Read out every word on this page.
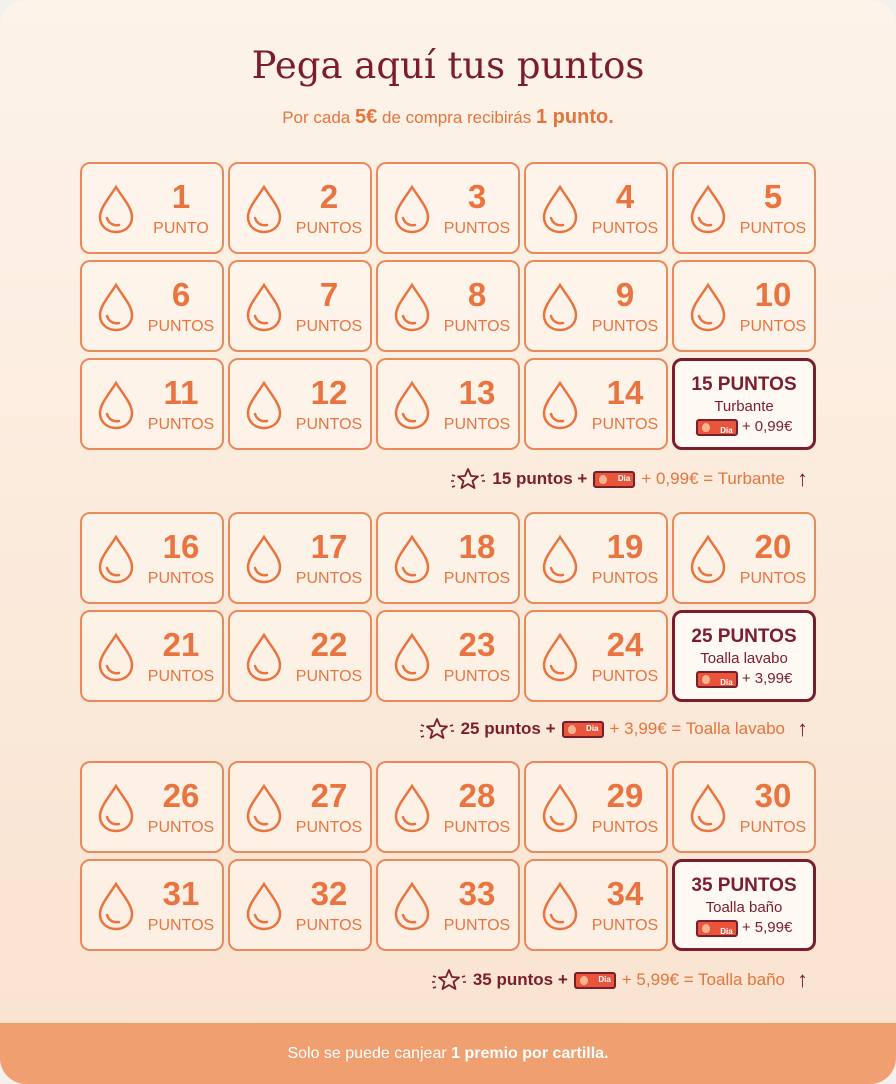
Pega aquí tus puntos
Por cada 5€ de compra recibirás 1 punto.
1
PUNTO
2
PUNTOS
3
PUNTOS
4
PUNTOS
5
PUNTOS
6
PUNTOS
7
PUNTOS
8
PUNTOS
9
PUNTOS
10
PUNTOS
11
PUNTOS
12
PUNTOS
13
PUNTOS
14
PUNTOS
15 PUNTOS
Turbante
Dia + 0,99€
15 puntos +	Dia + 0,99€ = Turbante ↑
16
PUNTOS
17
PUNTOS
18
PUNTOS
19
PUNTOS
20
PUNTOS
21
PUNTOS
22
PUNTOS
23
PUNTOS
24
PUNTOS
25 PUNTOS
Toalla lavabo
Dia + 3,99€
25 puntos +	Dia + 3,99€ = Toalla lavabo ↑
26
PUNTOS
27
PUNTOS
28
PUNTOS
29
PUNTOS
30
PUNTOS
31
PUNTOS
32
PUNTOS
33
PUNTOS
34
PUNTOS
35 PUNTOS
Toalla baño
Dia + 5,99€
35 puntos +	Dia + 5,99€ = Toalla baño ↑
Solo se puede canjear 1 premio por cartilla.
